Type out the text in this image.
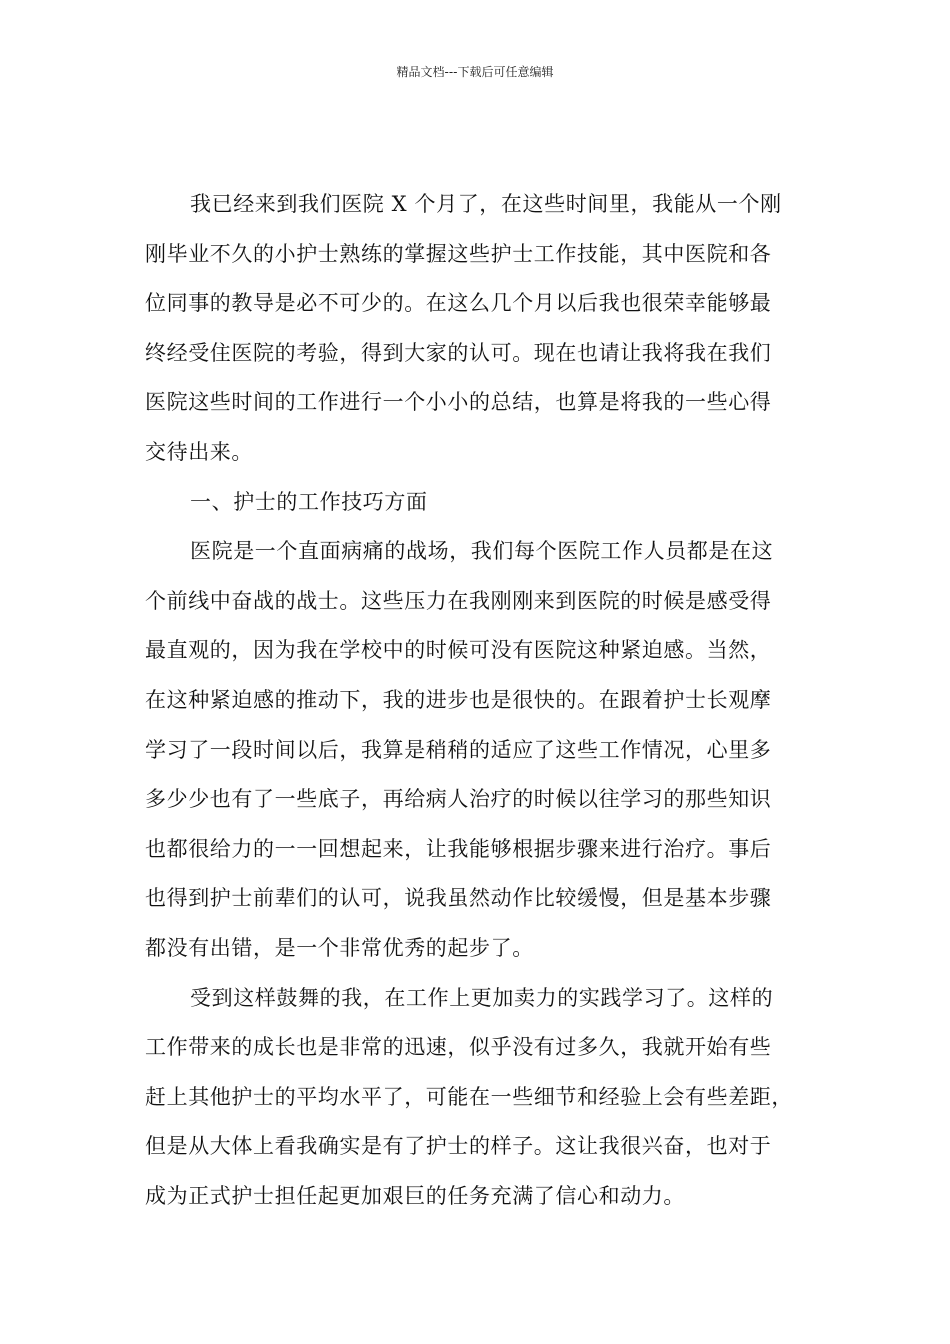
精品文档---下载后可任意编辑
我已经来到我们医院 X 个月了，在这些时间里，我能从一个刚
刚毕业不久的小护士熟练的掌握这些护士工作技能，其中医院和各
位同事的教导是必不可少的。在这么几个月以后我也很荣幸能够最
终经受住医院的考验，得到大家的认可。现在也请让我将我在我们
医院这些时间的工作进行一个小小的总结，也算是将我的一些心得
交待出来。
一、护士的工作技巧方面
医院是一个直面病痛的战场，我们每个医院工作人员都是在这
个前线中奋战的战士。这些压力在我刚刚来到医院的时候是感受得
最直观的，因为我在学校中的时候可没有医院这种紧迫感。当然，
在这种紧迫感的推动下，我的进步也是很快的。在跟着护士长观摩
学习了一段时间以后，我算是稍稍的适应了这些工作情况，心里多
多少少也有了一些底子，再给病人治疗的时候以往学习的那些知识
也都很给力的一一回想起来，让我能够根据步骤来进行治疗。事后
也得到护士前辈们的认可，说我虽然动作比较缓慢，但是基本步骤
都没有出错，是一个非常优秀的起步了。
受到这样鼓舞的我，在工作上更加卖力的实践学习了。这样的
工作带来的成长也是非常的迅速，似乎没有过多久，我就开始有些
赶上其他护士的平均水平了，可能在一些细节和经验上会有些差距，
但是从大体上看我确实是有了护士的样子。这让我很兴奋，也对于
成为正式护士担任起更加艰巨的任务充满了信心和动力。
